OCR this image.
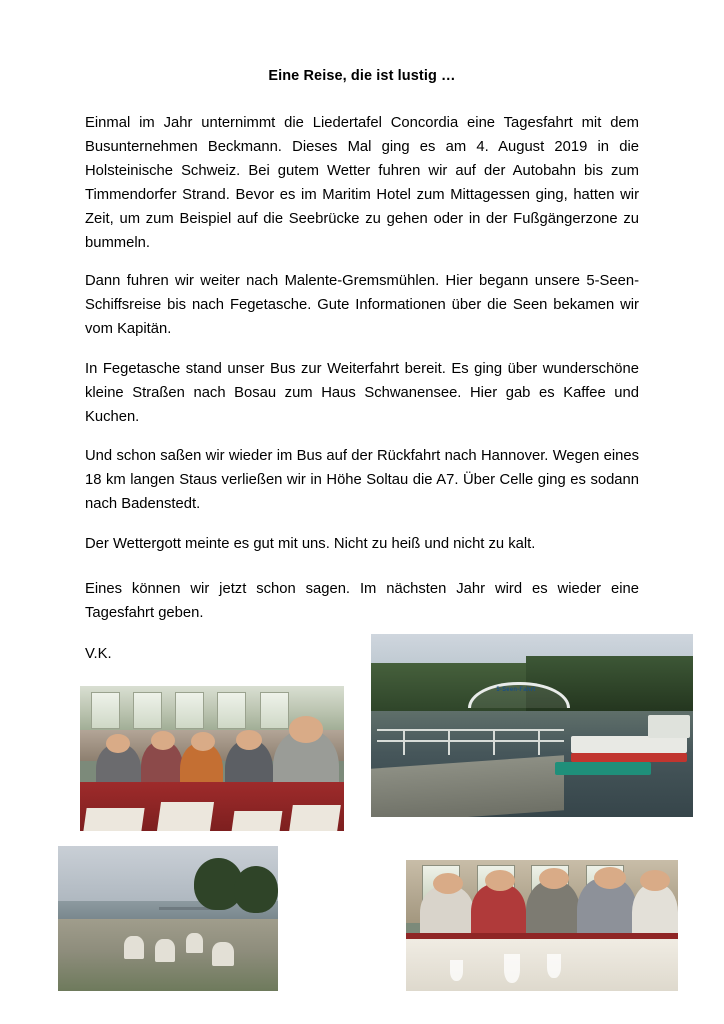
Eine Reise, die ist lustig …
Einmal im Jahr unternimmt die Liedertafel Concordia eine Tagesfahrt mit dem Busunternehmen Beckmann. Dieses Mal ging es am 4. August 2019 in die Holsteinische Schweiz. Bei gutem Wetter fuhren wir auf der Autobahn bis zum Timmendorfer Strand. Bevor es im Maritim Hotel zum Mittagessen ging, hatten wir Zeit, um zum Beispiel auf die Seebrücke zu gehen oder in der Fußgängerzone zu bummeln.
Dann fuhren wir weiter nach Malente-Gremsmühlen. Hier begann unsere 5-Seen-Schiffsreise bis nach Fegetasche. Gute Informationen über die Seen bekamen wir vom Kapitän.
In Fegetasche stand unser Bus zur Weiterfahrt bereit. Es ging über wunderschöne kleine Straßen nach Bosau zum Haus Schwanensee. Hier gab es Kaffee und Kuchen.
Und schon saßen wir wieder im Bus auf der Rückfahrt nach Hannover. Wegen eines 18 km langen Staus verließen wir in Höhe Soltau die A7. Über Celle ging es sodann nach Badenstedt.
Der Wettergott meinte es gut mit uns. Nicht zu heiß und nicht zu kalt.
Eines können wir jetzt schon sagen. Im nächsten Jahr wird es wieder eine Tagesfahrt geben.
V.K.
5-Seen-Fahrt
